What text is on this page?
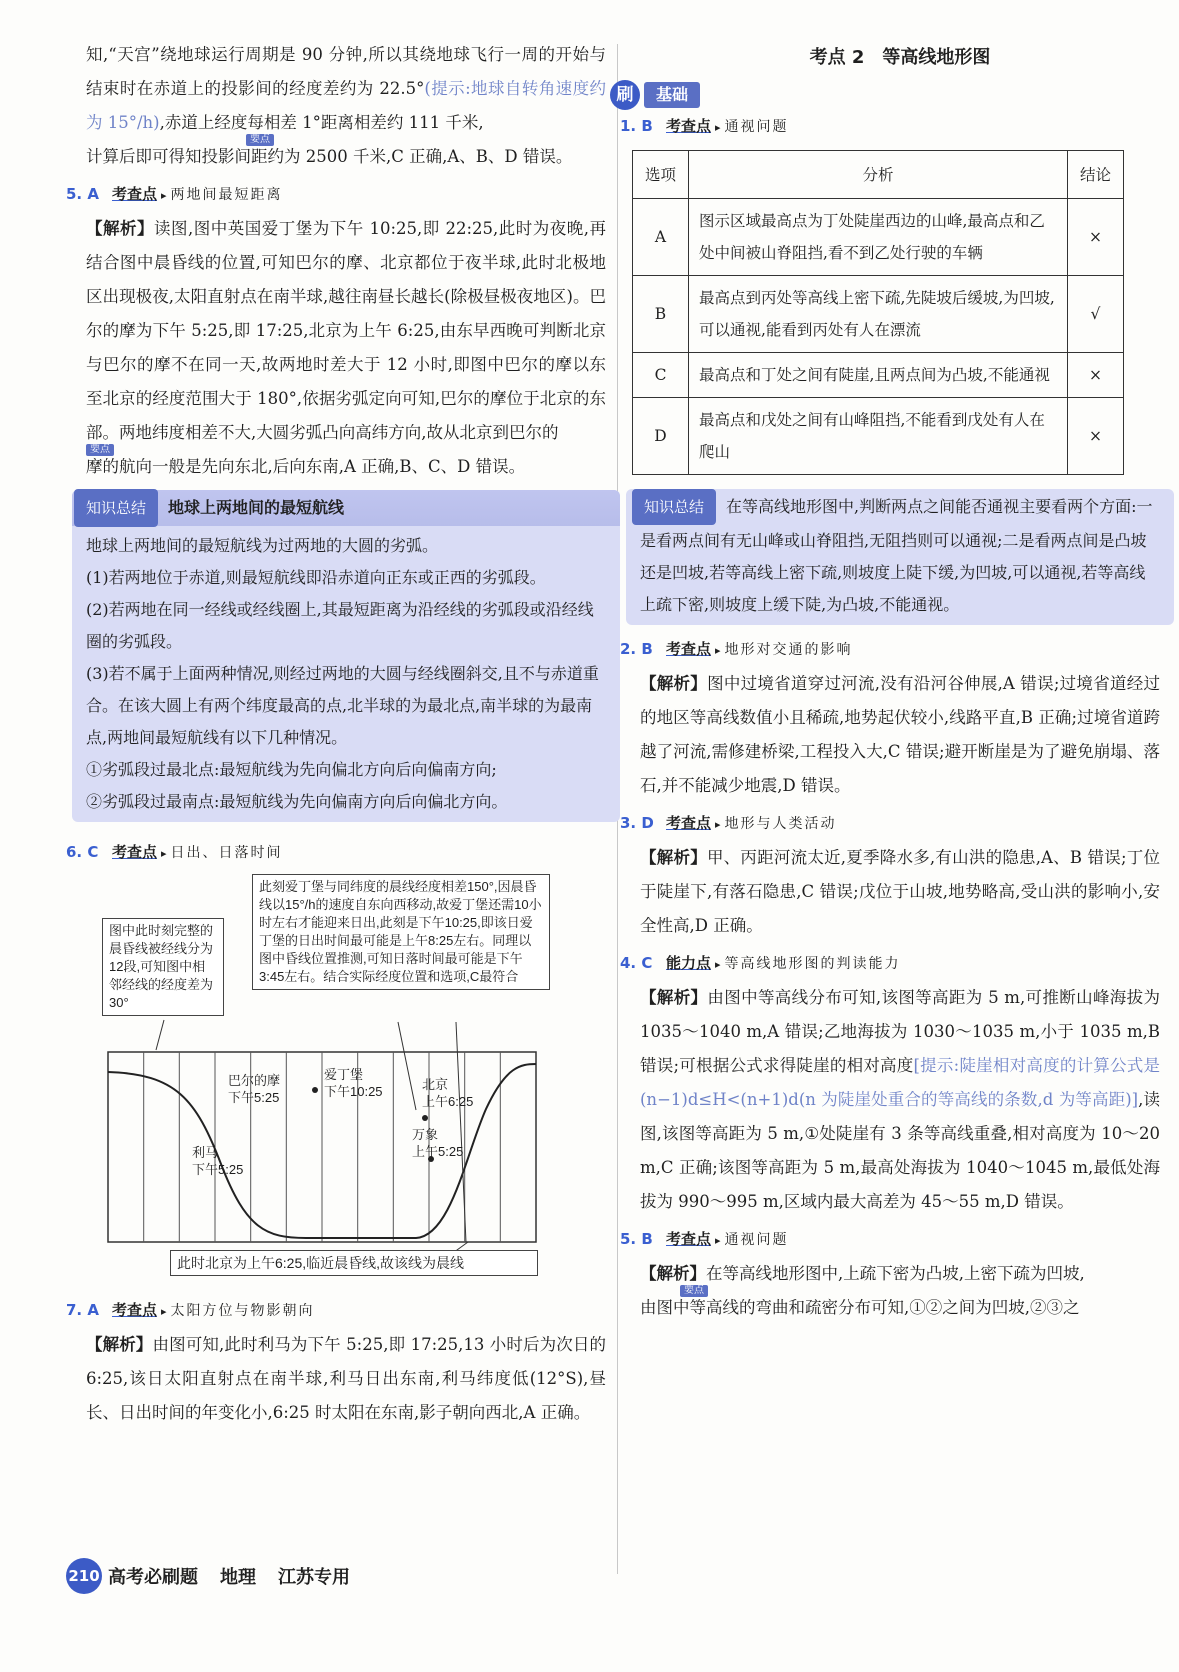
知,“天宫”绕地球运行周期是 90 分钟,所以其绕地球飞行一周的开始与结束时在赤道上的投影间的经度差约为 22.5°(提示:地球自转角速度约为 15°/h),赤道上经度每相差 1°距离相差约 111 千米,

要点
计算后即可得知投影间距约为 2500 千米,C 正确,A、B、D 错误。

5. A 考查点 ▸ 两地间最短距离

【解析】读图,图中英国爱丁堡为下午 10:25,即 22:25,此时为夜晚,再结合图中晨昏线的位置,可知巴尔的摩、北京都位于夜半球,此时北极地区出现极夜,太阳直射点在南半球,越往南昼长越长(除极昼极夜地区)。巴尔的摩为下午 5:25,即 17:25,北京为上午 6:25,由东早西晚可判断北京与巴尔的摩不在同一天,故两地时差大于 12 小时,即图中巴尔的摩以东至北京的经度范围大于 180°,依据劣弧定向可知,巴尔的摩位于北京的东部。两地纬度相差不大,大圆劣弧凸向高纬方向,故从北京到巴尔的

要点
摩的航向一般是先向东北,后向东南,A 正确,B、C、D 错误。

知识总结	地球上两地间的最短航线
地球上两地间的最短航线为过两地的大圆的劣弧。
(1)若两地位于赤道,则最短航线即沿赤道向正东或正西的劣弧段。
(2)若两地在同一经线或经线圈上,其最短距离为沿经线的劣弧段或沿经线圈的劣弧段。
(3)若不属于上面两种情况,则经过两地的大圆与经线圈斜交,且不与赤道重合。在该大圆上有两个纬度最高的点,北半球的为最北点,南半球的为最南点,两地间最短航线有以下几种情况。
①劣弧段过最北点:最短航线为先向偏北方向后向偏南方向;
②劣弧段过最南点:最短航线为先向偏南方向后向偏北方向。
6. C 考查点 ▸ 日出、日落时间
图中此时刻完整的晨昏线被经线分为12段,可知图中相邻经线的经度差为30°
此刻爱丁堡与同纬度的晨线经度相差150°,因晨昏线以15°/h的速度自东向西移动,故爱丁堡还需10小时左右才能迎来日出,此刻是下午10:25,即该日爱丁堡的日出时间最可能是上午8:25左右。同理以图中昏线位置推测,可知日落时间最可能是下午3:45左右。结合实际经度位置和选项,C最符合
巴尔的摩
下午5:25
爱丁堡
下午10:25	北京
上午6:25
万象
上午5:25
利马
下午5:25
此时北京为上午6:25,临近晨昏线,故该线为晨线
7. A 考查点 ▸ 太阳方位与物影朝向

【解析】由图可知,此时利马为下午 5:25,即 17:25,13 小时后为次日的 6:25,该日太阳直射点在南半球,利马日出东南,利马纬度低(12°S),昼长、日出时间的年变化小,6:25 时太阳在东南,影子朝向西北,A 正确。

考点 2　等高线地形图
刷	基础
1. B 考查点 ▸ 通视问题
选项	分析	结论
A	图示区域最高点为丁处陡崖西边的山峰,最高点和乙处中间被山脊阻挡,看不到乙处行驶的车辆	×
B	最高点到丙处等高线上密下疏,先陡坡后缓坡,为凹坡,可以通视,能看到丙处有人在漂流	√
C	最高点和丁处之间有陡崖,且两点间为凸坡,不能通视	×
D	最高点和戊处之间有山峰阻挡,不能看到戊处有人在爬山	×
知识总结 在等高线地形图中,判断两点之间能否通视主要看两个方面:一是看两点间有无山峰或山脊阻挡,无阻挡则可以通视;二是看两点间是凸坡还是凹坡,若等高线上密下疏,则坡度上陡下缓,为凹坡,可以通视,若等高线上疏下密,则坡度上缓下陡,为凸坡,不能通视。
2. B 考查点 ▸ 地形对交通的影响

【解析】图中过境省道穿过河流,没有沿河谷伸展,A 错误;过境省道经过的地区等高线数值小且稀疏,地势起伏较小,线路平直,B 正确;过境省道跨越了河流,需修建桥梁,工程投入大,C 错误;避开断崖是为了避免崩塌、落石,并不能减少地震,D 错误。

3. D 考查点 ▸ 地形与人类活动

【解析】甲、丙距河流太近,夏季降水多,有山洪的隐患,A、B 错误;丁位于陡崖下,有落石隐患,C 错误;戊位于山坡,地势略高,受山洪的影响小,安全性高,D 正确。

4. C 能力点 ▸ 等高线地形图的判读能力

【解析】由图中等高线分布可知,该图等高距为 5 m,可推断山峰海拔为 1035～1040 m,A 错误;乙地海拔为 1030～1035 m,小于 1035 m,B 错误;可根据公式求得陡崖的相对高度[提示:陡崖相对高度的计算公式是(n−1)d≤H<(n+1)d(n 为陡崖处重合的等高线的条数,d 为等高距)],读图,该图等高距为 5 m,①处陡崖有 3 条等高线重叠,相对高度为 10～20 m,C 正确;该图等高距为 5 m,最高处海拔为 1040～1045 m,最低处海拔为 990～995 m,区域内最大高差为 45～55 m,D 错误。

5. B 考查点 ▸ 通视问题

【解析】在等高线地形图中,上疏下密为凸坡,上密下疏为凹坡,

要点
由图中等高线的弯曲和疏密分布可知,①②之间为凹坡,②③之

210 高考必刷题 地理 江苏专用
